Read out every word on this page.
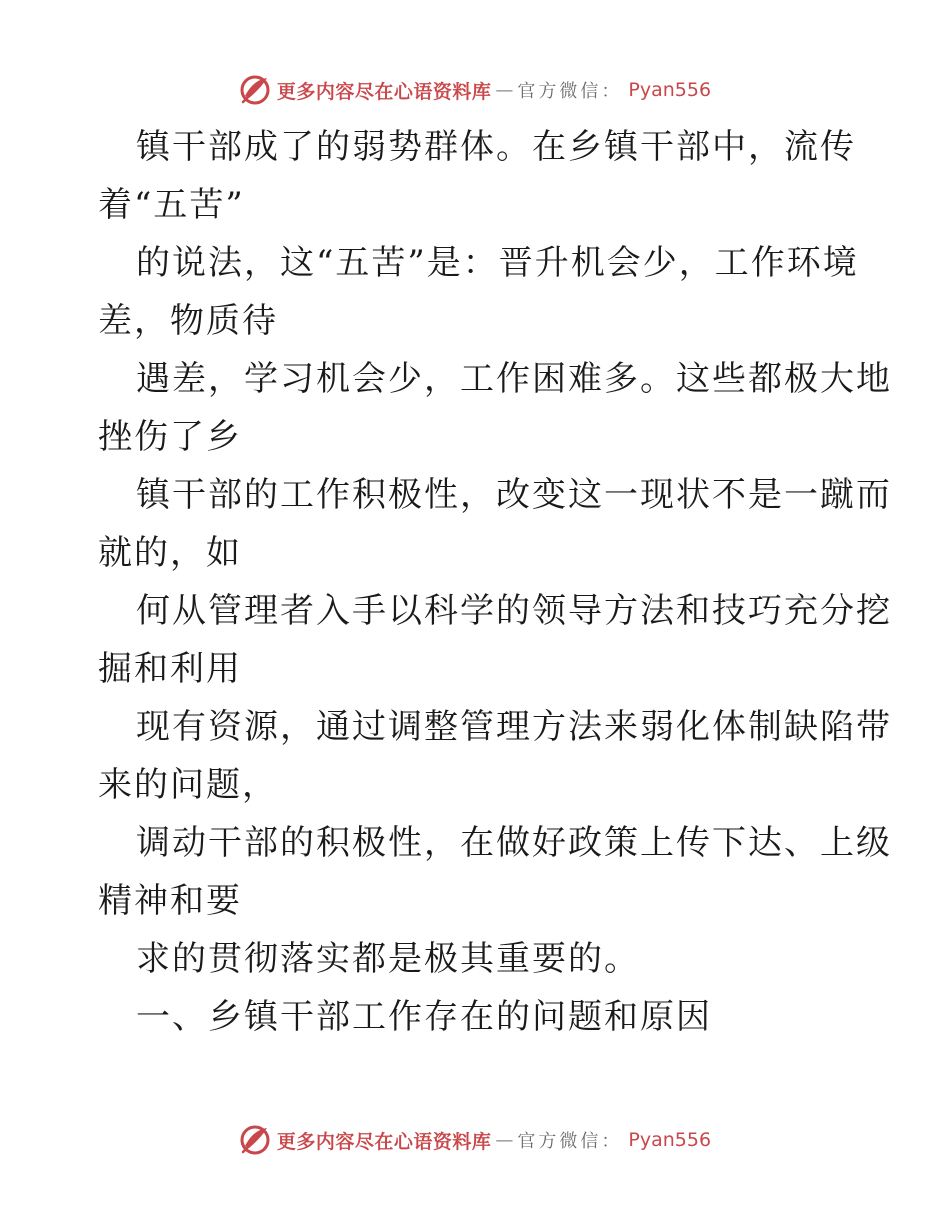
更多内容尽在心语资料库 — 官方微信： Pyan556
镇干部成了的弱势群体。在乡镇干部中，流传
着“五苦”
的说法，这“五苦”是：晋升机会少，工作环境
差，物质待
遇差，学习机会少，工作困难多。这些都极大地
挫伤了乡
镇干部的工作积极性，改变这一现状不是一蹴而
就的，如
何从管理者入手以科学的领导方法和技巧充分挖
掘和利用
现有资源，通过调整管理方法来弱化体制缺陷带
来的问题，
调动干部的积极性，在做好政策上传下达、上级
精神和要
求的贯彻落实都是极其重要的。
一、乡镇干部工作存在的问题和原因
更多内容尽在心语资料库 — 官方微信： Pyan556
